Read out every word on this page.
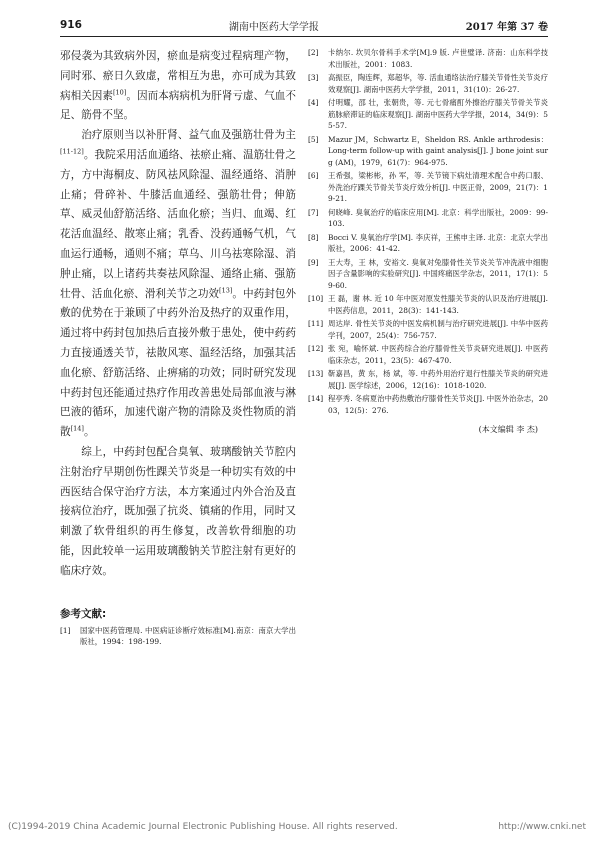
916	湖南中医药大学学报	2017 年第 37 卷

邪侵袭为其致病外因，瘀血是病变过程病理产物，同时邪、瘀日久致虚，常相互为患，亦可成为其致病相关因素[10]。因而本病病机为肝肾亏虚、气血不足、筋骨不坚。

治疗原则当以补肝肾、益气血及强筋壮骨为主[11-12]。我院采用活血通络、祛瘀止痛、温筋壮骨之方，方中海桐皮、防风祛风除湿、温经通络、消肿止痛；骨碎补、牛膝活血通经、强筋壮骨；伸筋草、威灵仙舒筋活络、活血化瘀；当归、血竭、红花活血温经、散寒止痛；乳香、没药通畅气机，气血运行通畅，通则不痛；草乌、川乌祛寒除湿、消肿止痛，以上诸药共奏祛风除湿、通络止痛、强筋壮骨、活血化瘀、滑利关节之功效[13]。中药封包外敷的优势在于兼顾了中药外治及热疗的双重作用，通过将中药封包加热后直接外敷于患处，使中药药力直接通透关节，祛散风寒、温经活络，加强其活血化瘀、舒筋活络、止痹痛的功效；同时研究发现中药封包还能通过热疗作用改善患处局部血液与淋巴液的循环，加速代谢产物的清除及炎性物质的消散[14]。

综上，中药封包配合臭氧、玻璃酸钠关节腔内注射治疗早期创伤性踝关节炎是一种切实有效的中西医结合保守治疗方法，本方案通过内外合治及直接病位治疗，既加强了抗炎、镇痛的作用，同时又刺激了软骨组织的再生修复，改善软骨细胞的功能，因此较单一运用玻璃酸钠关节腔注射有更好的临床疗效。

参考文献:
[1]	国家中医药管理局. 中医病证诊断疗效标准[M].南京：南京大学出版社，1994：198-199.
[2]	卡纳尔. 坎贝尔骨科手术学[M].9 版. 卢世璧译. 济南：山东科学技术出版社，2001：1083.
[3]	高振臣，陶连辉，郑超华，等. 活血通络法治疗膝关节骨性关节炎疗效观察[J]. 湖南中医药大学学报，2011，31(10)：26-27.
[4]	付明耀，邵 壮，张朝贵，等. 元七骨痛酊外擦治疗膝关节骨关节炎筋脉瘀滞证的临床观察[J]. 湖南中医药大学学报，2014，34(9)：55-57.
[5]	Mazur JM，Schwartz E，Sheldon RS. Ankle arthrodesis：Long-term follow-up with gaint analysis[J]. J bone joint surg (AM)，1979，61(7)：964-975.
[6]	王希强，梁彬彬，孙 军，等. 关节镜下病灶清理术配合中药口服、外洗治疗踝关节骨关节炎疗效分析[J]. 中医正骨，2009，21(7)：19-21.
[7]	何晓峰. 臭氧治疗的临床应用[M]. 北京：科学出版社，2009：99-103.
[8]	Bocci V. 臭氧治疗学[M]. 李庆祥，王熊申主译. 北京：北京大学出版社，2006：41-42.
[9]	王大寿，王 林，安裕文. 臭氧对兔膝骨性关节炎关节冲洗液中细胞因子含量影响的实验研究[J]. 中国疼痛医学杂志，2011，17(1)：59-60.
[10] 王 磊，谢 林. 近 10 年中医对原发性膝关节炎的认识及治疗进展[J]. 中医药信息，2011，28(3)：141-143.
[11] 周达岸. 骨性关节炎的中医发病机制与治疗研究进展[J]. 中华中医药学刊，2007，25(4)：756-757.
[12] 张 宛，喻怀斌. 中医药综合治疗膝骨性关节炎研究进展[J]. 中医药临床杂志，2011，23(5)：467-470.
[13] 靳嘉昌，黄 东，杨 斌，等. 中药外用治疗退行性膝关节炎的研究进展[J]. 医学综述，2006，12(16)：1018-1020.
[14] 程亭秀. 冬病夏治中药热敷治疗膝骨性关节炎[J]. 中医外治杂志，2003，12(5)：276.
(本文编辑 李 杰)
(C)1994-2019 China Academic Journal Electronic Publishing House. All rights reserved.	http://www.cnki.net
